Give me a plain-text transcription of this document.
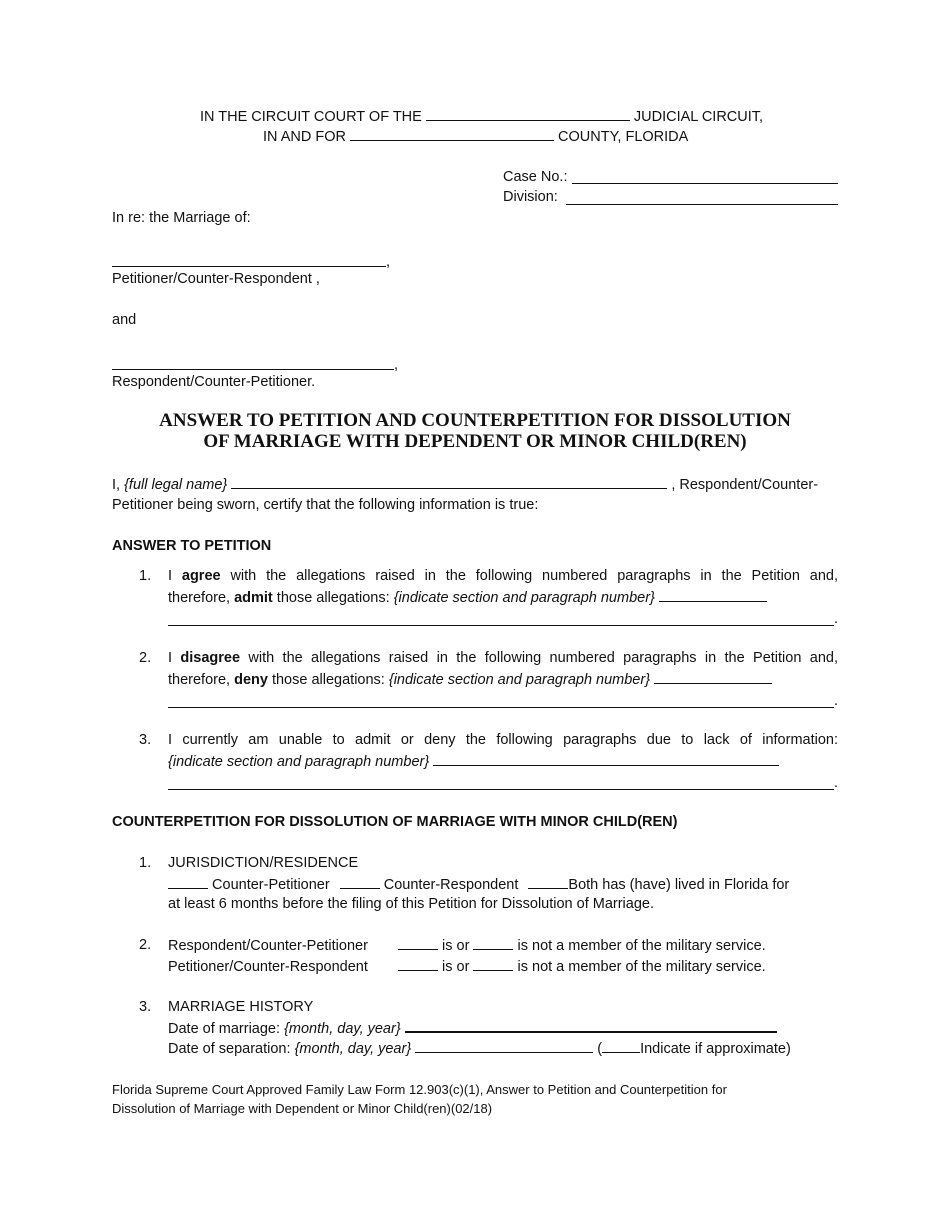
IN THE CIRCUIT COURT OF THE	JUDICIAL CIRCUIT,
IN AND FOR	COUNTY, FLORIDA
Case No.:
Division:
In re: the Marriage of:
,
Petitioner/Counter-Respondent ,
and
,
Respondent/Counter-Petitioner.
ANSWER TO PETITION AND COUNTERPETITION FOR DISSOLUTION
OF MARRIAGE WITH DEPENDENT OR MINOR CHILD(REN)
I, {full legal name}	, Respondent/Counter-
Petitioner being sworn, certify that the following information is true:
ANSWER TO PETITION
1. I agree with the allegations raised in the following numbered paragraphs in the Petition and,
therefore, admit those allegations: {indicate section and paragraph number}
.
2. I disagree with the allegations raised in the following numbered paragraphs in the Petition and,
therefore, deny those allegations: {indicate section and paragraph number}
.
3. I currently am unable to admit or deny the following paragraphs due to lack of information:
{indicate section and paragraph number}
.
COUNTERPETITION FOR DISSOLUTION OF MARRIAGE WITH MINOR CHILD(REN)
1. JURISDICTION/RESIDENCE
Counter-Petitioner	Counter-Respondent	Both has (have) lived in Florida for
at least 6 months before the filing of this Petition for Dissolution of Marriage.
2. Respondent/Counter-Petitioner	is or	is not a member of the military service.
Petitioner/Counter-Respondent	is or	is not a member of the military service.
3. MARRIAGE HISTORY
Date of marriage: {month, day, year}
Date of separation: {month, day, year}	(	Indicate if approximate)
Florida Supreme Court Approved Family Law Form 12.903(c)(1), Answer to Petition and Counterpetition for
Dissolution of Marriage with Dependent or Minor Child(ren)(02/18)
